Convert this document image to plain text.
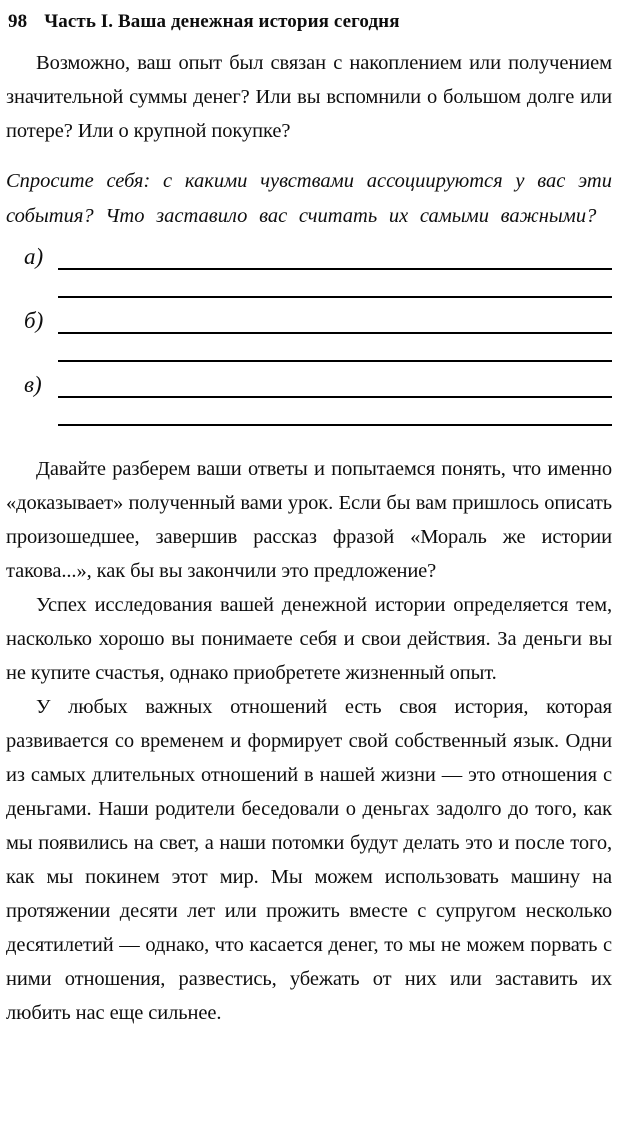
98 Часть I. Ваша денежная история сегодня

Возможно, ваш опыт был связан с накоплением или получением значительной суммы денег? Или вы вспомнили о большом долге или потере? Или о крупной покупке?

Спросите себя: с какими чувствами ассоциируются у вас эти события? Что заставило вас считать их самыми важными?

а)
б)
в)

Давайте разберем ваши ответы и попытаемся понять, что именно «доказывает» полученный вами урок. Если бы вам пришлось описать произошедшее, завершив рассказ фразой «Мораль же истории такова...», как бы вы закончили это предложение?

Успех исследования вашей денежной истории определяется тем, насколько хорошо вы понимаете себя и свои действия. За деньги вы не купите счастья, однако приобретете жизненный опыт.

У любых важных отношений есть своя история, которая развивается со временем и формирует свой собственный язык. Одни из самых длительных отношений в нашей жизни — это отношения с деньгами. Наши родители беседовали о деньгах задолго до того, как мы появились на свет, а наши потомки будут делать это и после того, как мы покинем этот мир. Мы можем использовать машину на протяжении десяти лет или прожить вместе с супругом несколько десятилетий — однако, что касается денег, то мы не можем порвать с ними отношения, развестись, убежать от них или заставить их любить нас еще сильнее.
